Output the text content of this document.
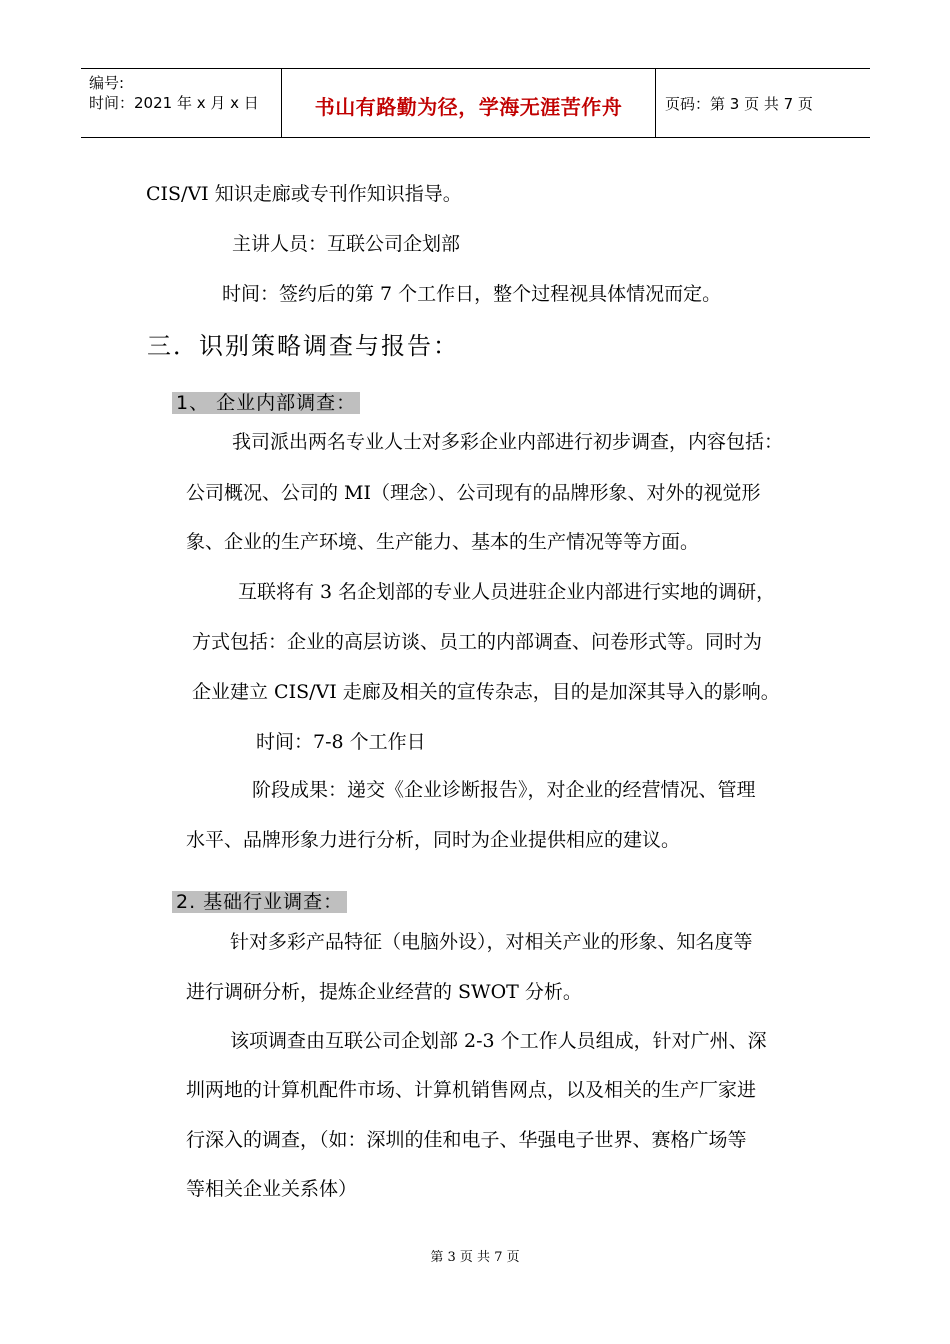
编号:
时间：2021 年 x 月 x 日	书山有路勤为径，学海无涯苦作舟	页码：第 3 页 共 7 页
CIS/VI 知识走廊或专刊作知识指导。
主讲人员：互联公司企划部
时间：签约后的第 7 个工作日，整个过程视具体情况而定。
三．识别策略调查与报告：
1、 企业内部调查：
我司派出两名专业人士对多彩企业内部进行初步调查，内容包括：
公司概况、公司的 MI（理念）、公司现有的品牌形象、对外的视觉形
象、企业的生产环境、生产能力、基本的生产情况等等方面。
互联将有 3 名企划部的专业人员进驻企业内部进行实地的调研，
方式包括：企业的高层访谈、员工的内部调查、问卷形式等。同时为
企业建立 CIS/VI 走廊及相关的宣传杂志，目的是加深其导入的影响。
时间：7-8 个工作日
阶段成果：递交《企业诊断报告》，对企业的经营情况、管理
水平、品牌形象力进行分析，同时为企业提供相应的建议。
2. 基础行业调查：
针对多彩产品特征（电脑外设），对相关产业的形象、知名度等
进行调研分析，提炼企业经营的 SWOT 分析。
该项调查由互联公司企划部 2-3 个工作人员组成，针对广州、深
圳两地的计算机配件市场、计算机销售网点，以及相关的生产厂家进
行深入的调查，（如：深圳的佳和电子、华强电子世界、赛格广场等
等相关企业关系体）
第 3 页 共 7 页
